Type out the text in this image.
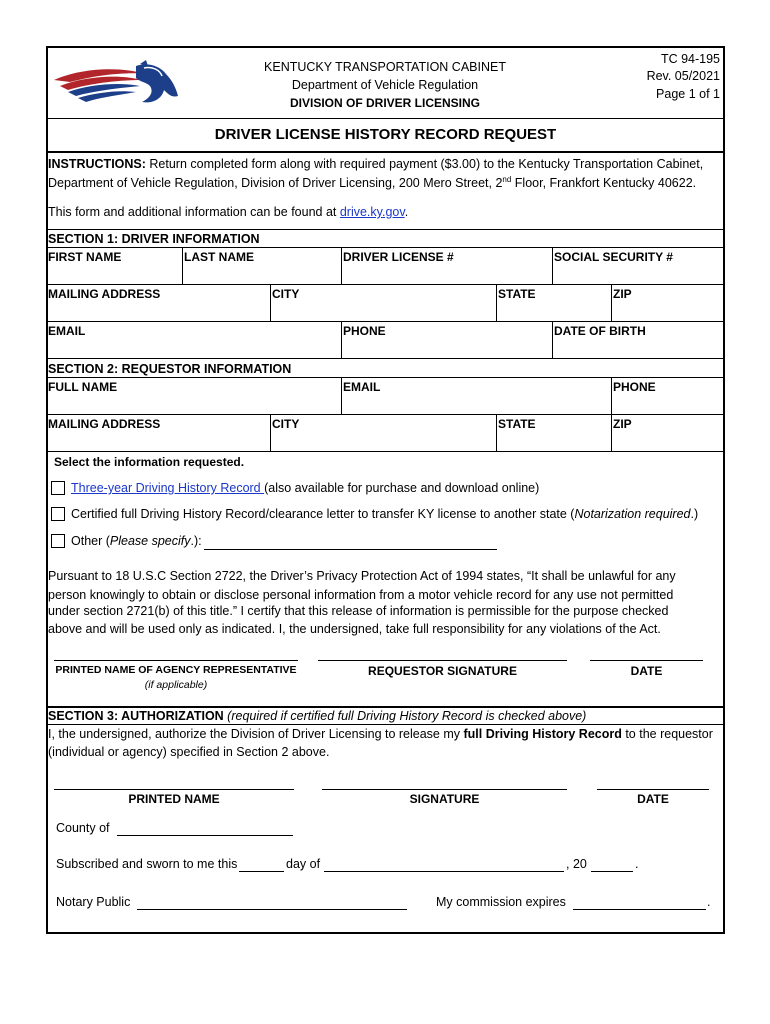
KENTUCKY TRANSPORTATION CABINET
Department of Vehicle Regulation
DIVISION OF DRIVER LICENSING
TC 94-195
Rev. 05/2021
Page 1 of 1
DRIVER LICENSE HISTORY RECORD REQUEST
INSTRUCTIONS: Return completed form along with required payment ($3.00) to the Kentucky Transportation Cabinet,
Department of Vehicle Regulation, Division of Driver Licensing, 200 Mero Street, 2nd Floor, Frankfort Kentucky 40622.
This form and additional information can be found at drive.ky.gov.
SECTION 1: DRIVER INFORMATION
FIRST NAME	LAST NAME	DRIVER LICENSE #	SOCIAL SECURITY #
MAILING ADDRESS	CITY	STATE	ZIP
EMAIL	PHONE	DATE OF BIRTH
SECTION 2: REQUESTOR INFORMATION
FULL NAME	EMAIL	PHONE
MAILING ADDRESS	CITY	STATE	ZIP
Select the information requested.
Three-year Driving History Record (also available for purchase and download online)
Certified full Driving History Record/clearance letter to transfer KY license to another state (Notarization required.)
Other (Please specify.):
Pursuant to 18 U.S.C Section 2722, the Driver’s Privacy Protection Act of 1994 states, “It shall be unlawful for any
person knowingly to obtain or disclose personal information from a motor vehicle record for any use not permitted
under section 2721(b) of this title.” I certify that this release of information is permissible for the purpose checked
above and will be used only as indicated. I, the undersigned, take full responsibility for any violations of the Act.
PRINTED NAME OF AGENCY REPRESENTATIVE
(if applicable)
REQUESTOR SIGNATURE	DATE
SECTION 3: AUTHORIZATION (required if certified full Driving History Record is checked above)
I, the undersigned, authorize the Division of Driver Licensing to release my full Driving History Record to the requestor
(individual or agency) specified in Section 2 above.
PRINTED NAME	SIGNATURE	DATE
County of
Subscribed and sworn to me this	day of	, 20	.
Notary Public	My commission expires	.
